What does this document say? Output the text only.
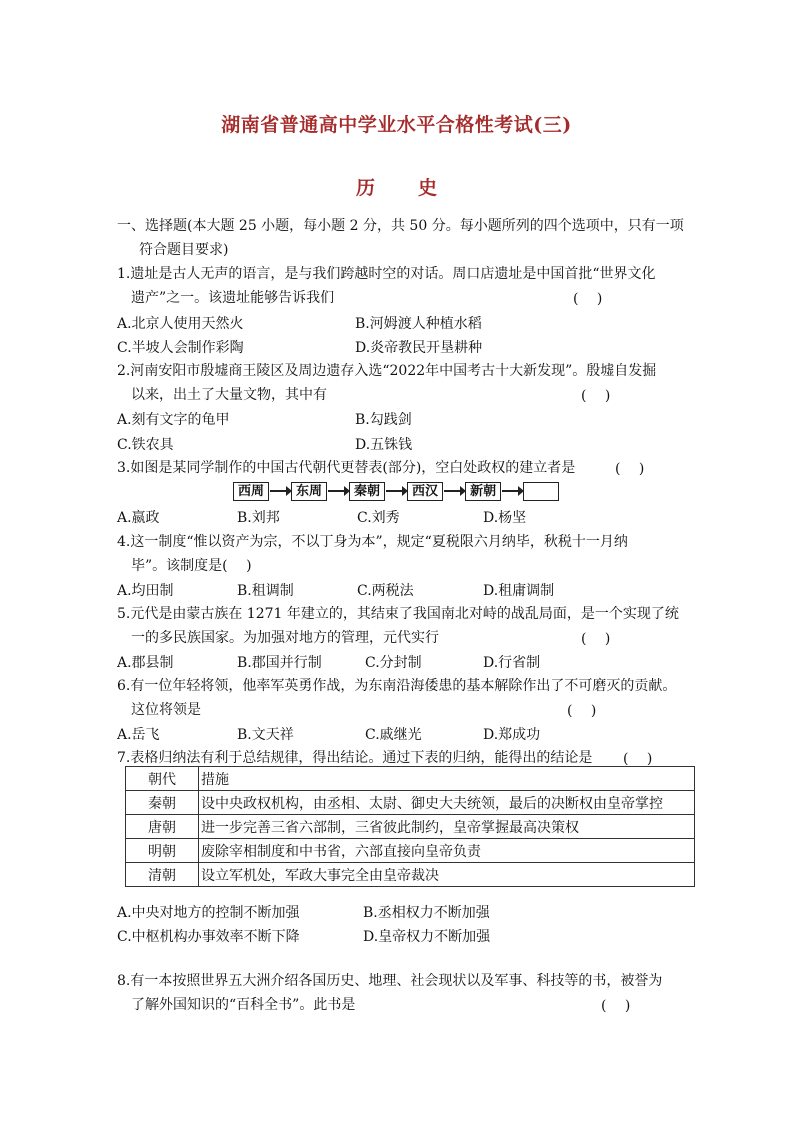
湖南省普通高中学业水平合格性考试(三)
历　史
一、选择题(本大题 25 小题，每小题 2 分，共 50 分。每小题所列的四个选项中，只有一项
符合题目要求)
1.遗址是古人无声的语言，是与我们跨越时空的对话。周口店遗址是中国首批“世界文化
遗产”之一。该遗址能够告诉我们	(　 )
A.北京人使用天然火	B.河姆渡人种植水稻
C.半坡人会制作彩陶	D.炎帝教民开垦耕种
2.河南安阳市殷墟商王陵区及周边遗存入选“2022年中国考古十大新发现”。殷墟自发掘
以来，出土了大量文物，其中有	(　 )
A.刻有文字的龟甲	B.勾践剑
C.铁农具	D.五铢钱
3.如图是某同学制作的中国古代朝代更替表(部分)，空白处政权的建立者是	(　 )
西周	东周	秦朝	西汉	新朝
A.嬴政	B.刘邦	C.刘秀	D.杨坚
4.这一制度“惟以资产为宗，不以丁身为本”，规定“夏税限六月纳毕，秋税十一月纳
毕”。该制度是(　 )
A.均田制	B.租调制	C.两税法	D.租庸调制
5.元代是由蒙古族在 1271 年建立的，其结束了我国南北对峙的战乱局面，是一个实现了统
一的多民族国家。为加强对地方的管理，元代实行	(　 )
A.郡县制	B.郡国并行制	C.分封制	D.行省制
6.有一位年轻将领，他率军英勇作战，为东南沿海倭患的基本解除作出了不可磨灭的贡献。
这位将领是	(　 )
A.岳飞	B.文天祥	C.戚继光	D.郑成功
7.表格归纳法有利于总结规律，得出结论。通过下表的归纳，能得出的结论是 (　 )
朝代	措施
秦朝	设中央政权机构，由丞相、太尉、御史大夫统领，最后的决断权由皇帝掌控
唐朝	进一步完善三省六部制，三省彼此制约，皇帝掌握最高决策权
明朝	废除宰相制度和中书省，六部直接向皇帝负责
清朝	设立军机处，军政大事完全由皇帝裁决
A.中央对地方的控制不断加强	B.丞相权力不断加强
C.中枢机构办事效率不断下降	D.皇帝权力不断加强
8.有一本按照世界五大洲介绍各国历史、地理、社会现状以及军事、科技等的书，被誉为
了解外国知识的“百科全书”。此书是	(　 )
